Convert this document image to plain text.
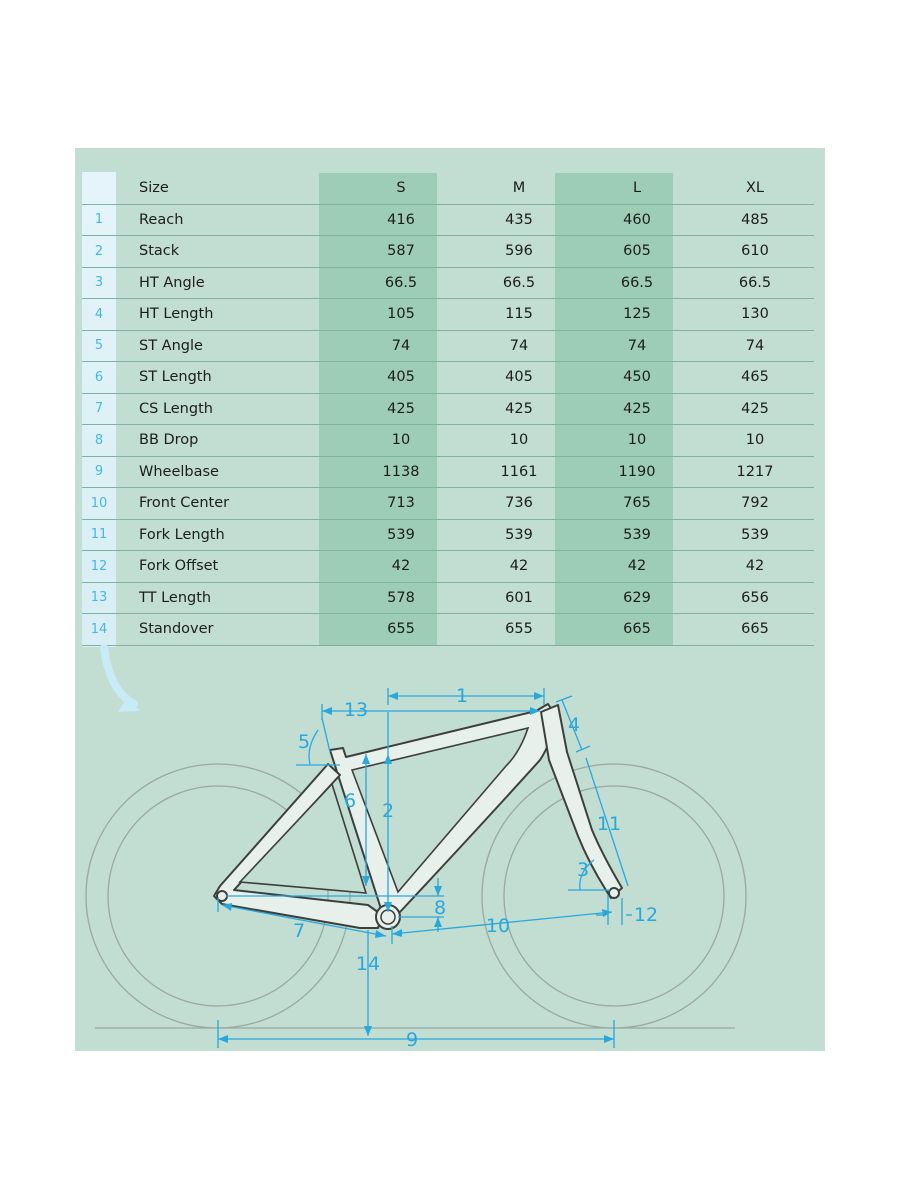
	Size	S	M	L	XL
1	Reach	416	435	460	485
2	Stack	587	596	605	610
3	HT Angle	66.5	66.5	66.5	66.5
4	HT Length	105	115	125	130
5	ST Angle	74	74	74	74
6	ST Length	405	405	450	465
7	CS Length	425	425	425	425
8	BB Drop	10	10	10	10
9	Wheelbase	1138	1161	1190	1217
10	Front Center	713	736	765	792
11	Fork Length	539	539	539	539
12	Fork Offset	42	42	42	42
13	TT Length	578	601	629	656
14	Standover	655	655	665	665
1
2
3
4
5
6
7
8
9
10
11
12
13
14
